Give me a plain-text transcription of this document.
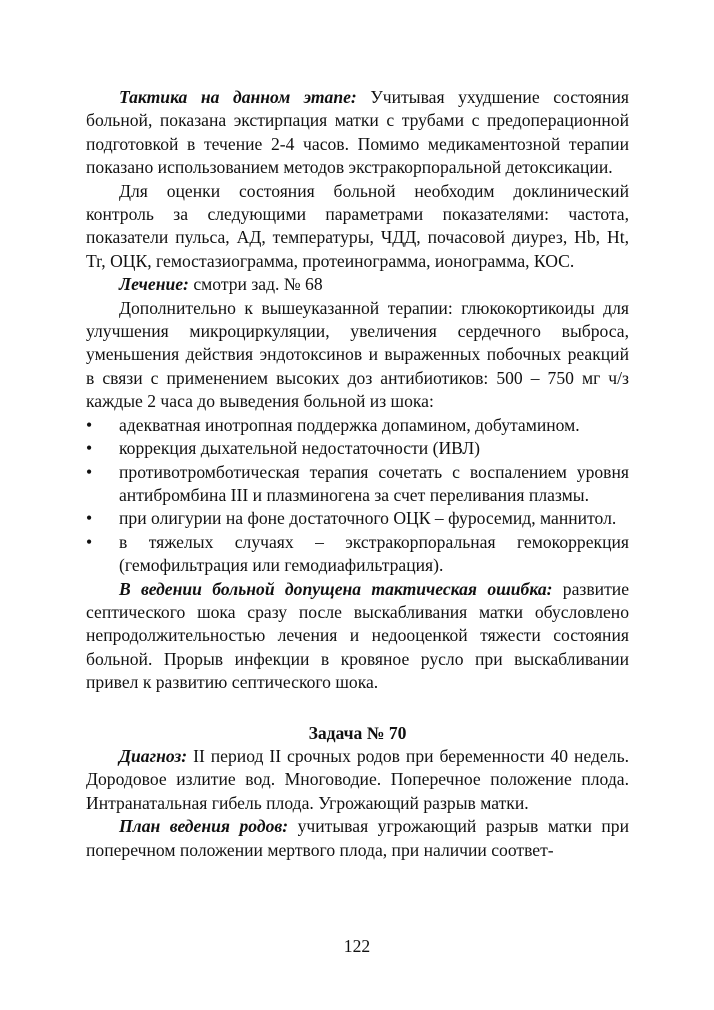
Тактика на данном этапе: Учитывая ухудшение состояния больной, показана экстирпация матки с трубами с предоперационной подготовкой в течение 2-4 часов. Помимо медикаментозной терапии показано использованием методов экстракорпоральной детоксикации.

Для оценки состояния больной необходим доклинический контроль за следующими параметрами показателями: частота, показатели пульса, АД, температуры, ЧДД, почасовой диурез, Hb, Ht, Tr, ОЦК, гемостазиограмма, протеинограмма, ионограмма, КОС.

Лечение: смотри зад. № 68

Дополнительно к вышеуказанной терапии: глюкокортикоиды для улучшения микроциркуляции, увеличения сердечного выброса, уменьшения действия эндотоксинов и выраженных побочных реакций в связи с применением высоких доз антибиотиков: 500 – 750 мг ч/з каждые 2 часа до выведения больной из шока:

• адекватная инотропная поддержка допамином, добутамином.
• коррекция дыхательной недостаточности (ИВЛ)
• противотромботическая терапия сочетать с воспалением уровня антибромбина III и плазминогена за счет переливания плазмы.
• при олигурии на фоне достаточного ОЦК – фуросемид, маннитол.
• в тяжелых случаях – экстракорпоральная гемокоррекция (гемофильтрация или гемодиафильтрация).

В ведении больной допущена тактическая ошибка: развитие септического шока сразу после выскабливания матки обусловлено непродолжительностью лечения и недооценкой тяжести состояния больной. Прорыв инфекции в кровяное русло при выскабливании привел к развитию септического шока.

Задача № 70

Диагноз: II период II срочных родов при беременности 40 недель. Дородовое излитие вод. Многоводие. Поперечное положение плода. Интранатальная гибель плода. Угрожающий разрыв матки.

План ведения родов: учитывая угрожающий разрыв матки при поперечном положении мертвого плода, при наличии соответ-

122
